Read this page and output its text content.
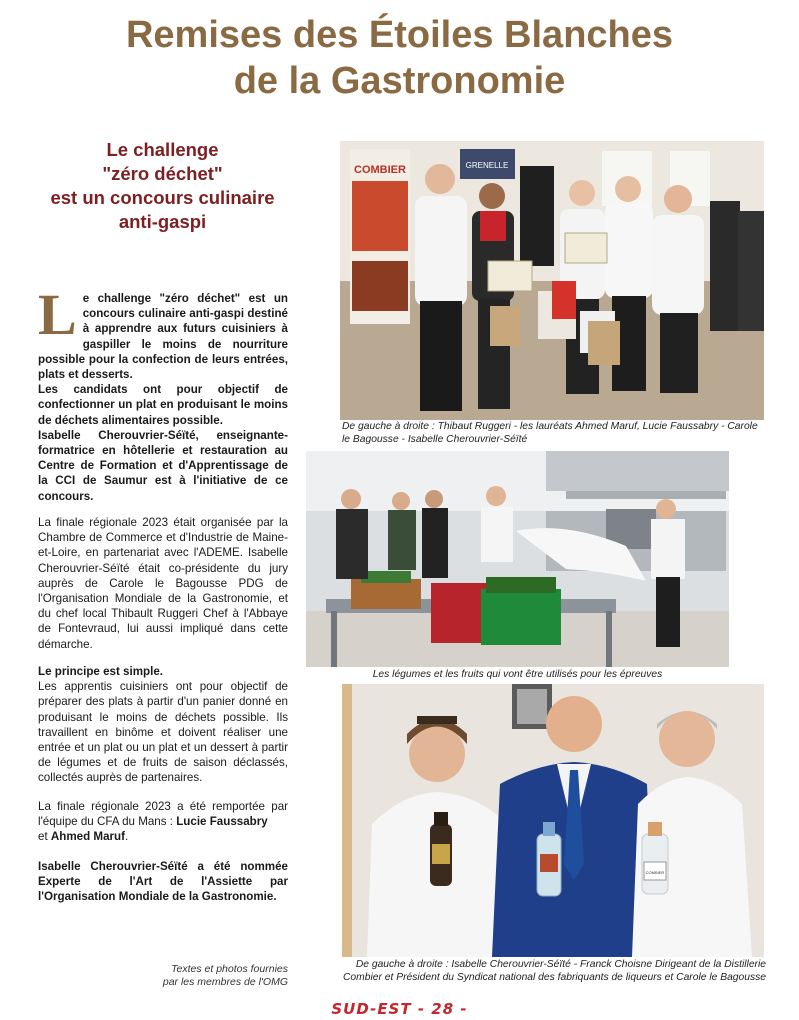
Remises des Étoiles Blanches
de la Gastronomie
Le challenge
"zéro déchet"
est un concours culinaire
anti-gaspi
L e challenge "zéro déchet" est un concours culinaire anti-gaspi destiné à apprendre aux futurs cuisiniers à gaspiller le moins de nourriture possible pour la confection de leurs entrées, plats et desserts.

Les candidats ont pour objectif de confectionner un plat en produisant le moins de déchets alimentaires possible.

Isabelle Cherouvrier-Séïté, enseignante-formatrice en hôtellerie et restauration au Centre de Formation et d'Apprentissage de la CCI de Saumur est à l'initiative de ce concours.

La finale régionale 2023 était organisée par la Chambre de Commerce et d'Industrie de Maine-et-Loire, en partenariat avec l'ADEME. Isabelle Cherouvrier-Séïté était co-présidente du jury auprès de Carole le Bagousse PDG de l'Organisation Mondiale de la Gastronomie, et du chef local Thibault Ruggeri Chef à l'Abbaye de Fontevraud, lui aussi impliqué dans cette démarche.

Le principe est simple.

Les apprentis cuisiniers ont pour objectif de préparer des plats à partir d'un panier donné en produisant le moins de déchets possible. Ils travaillent en binôme et doivent réaliser une entrée et un plat ou un plat et un dessert à partir de légumes et de fruits de saison déclassés, collectés auprès de partenaires.

La finale régionale 2023 a été remportée par l'équipe du CFA du Mans : Lucie Faussabry
et Ahmed Maruf.

Isabelle Cherouvrier-Séïté a été nommée Experte de l'Art de l'Assiette par l'Organisation Mondiale de la Gastronomie.

Textes et photos fournies
par les membres de l'OMG
COMBIER	GRENELLE
De gauche à droite : Thibaut Ruggeri - les lauréats Ahmed Maruf, Lucie Faussabry - Carole le Bagousse - Isabelle Cherouvrier-Séïté
Les légumes et les fruits qui vont être utilisés pour les épreuves
COMBIER
De gauche à droite : Isabelle Cherouvrier-Séïté - Franck Choisne Dirigeant de la Distillerie Combier et Président du Syndicat national des fabriquants de liqueurs et Carole le Bagousse
SUD-EST - 28 -
